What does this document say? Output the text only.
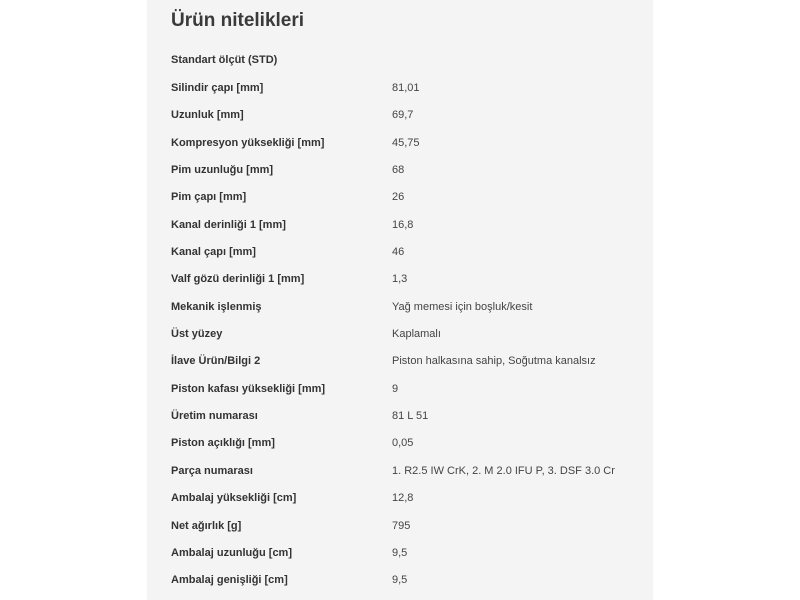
Ürün nitelikleri
Standart ölçüt (STD)
Silindir çapı [mm]	81,01
Uzunluk [mm]	69,7
Kompresyon yüksekliği [mm]	45,75
Pim uzunluğu [mm]	68
Pim çapı [mm]	26
Kanal derinliği 1 [mm]	16,8
Kanal çapı [mm]	46
Valf gözü derinliği 1 [mm]	1,3
Mekanik işlenmiş	Yağ memesi için boşluk/kesit
Üst yüzey	Kaplamalı
İlave Ürün/Bilgi 2	Piston halkasına sahip, Soğutma kanalsız
Piston kafası yüksekliği [mm]	9
Üretim numarası	81 L 51
Piston açıklığı [mm]	0,05
Parça numarası	1. R2.5 IW CrK, 2. M 2.0 IFU P, 3. DSF 3.0 Cr
Ambalaj yüksekliği [cm]	12,8
Net ağırlık [g]	795
Ambalaj uzunluğu [cm]	9,5
Ambalaj genişliği [cm]	9,5
